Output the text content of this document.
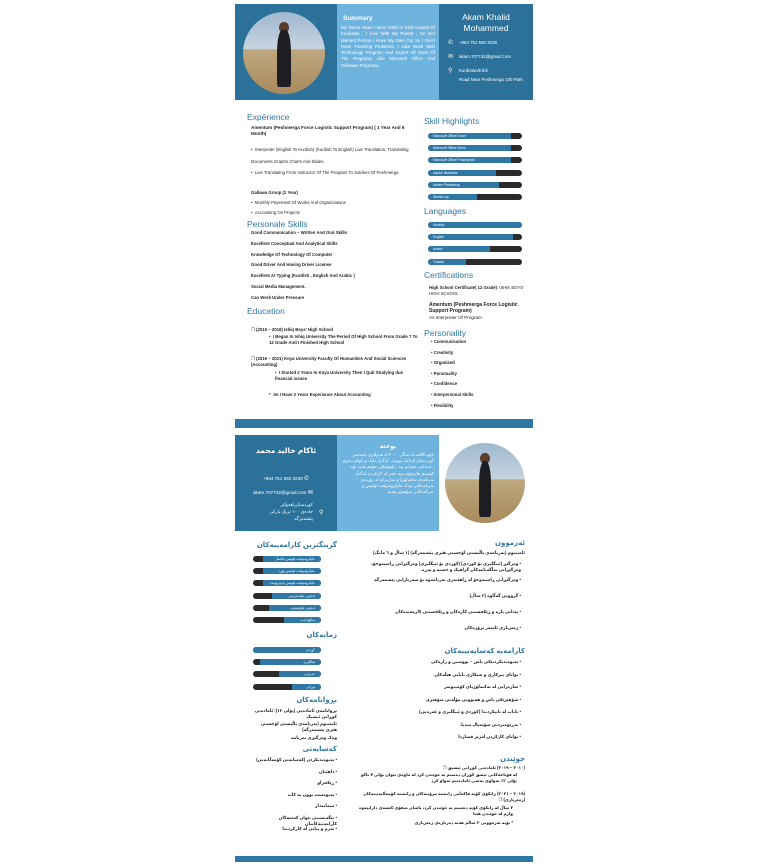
Summary
My Name Akam I Born 2000 In Erbil Capital Of Kurdistan , I Live With My Parent , I'm Not Married Person I Have My Own Car So I Don't Have Traveling Problems, I Like Work With Technology Program And Expert Of Most Of The Programs Like Microsoft Office And Software Programs.
Akam Khalid Mohammed
✆ +964 751 550 3239
✉ akam.707742@gmail.Com
⚲ Kurdistan/Erbil
Road Near Peshmerga 100 Park
Expérience
Amentum (Peshmerga Force Logistic Support Program) ( 1 Year And 6 Month)
•  Interpreter (English To Kurdish) (Kurdish To English) Live Translation, Translating Documents Graphs Charts And Slides.
•  Live Translating From Instructor Of The Program To Soldiers Of Peshmerga
Gallawa Group (2 Year)
•  Monthly Payement Of Works And Organizations
•  Accounting On Projects
Personale Skills
Good Communication – Written And Oral Skills
Excellent Conceptual And Analytical Skills
Knowledge Of Technology Of Computer
Good Driver And Having Driver License
Excellent At Typing (Kurdish , English And Arabic )
Social Media Management.
Can Work Under Pressure
Education
❐ (2010 – 2019) Ishiq Boys' High School
•  I Began In Ishiq University The Period Of High School From Grade 7 To 12 Grade And I Finished High School
❐ (2019 – 2021) Koya University Faculty Of Humanities And Social Sciences (Accounting)
•  I Started 2 Years In Koya University Then I Quit Studying due financial issues
*  So I Have 2 Years Experiance About Accounting
Skill Highlights
Microsoft Office Excel
Microsoft Office Word
Microsoft Office Powerpoint
Adobe Illustrator
Adobe Photoshop
Sketch Up
Languages
Kurdish
English
Arabic
Turkish
Certifications
High School Certificate( 12 Grade): ISHIK BOYS' HIGH SCHOOL
Amentum (Peshmerga Force Logistic Support Program)
As Interpreter Of Program
Personality
• Communication
• Creativity
• Organized
• Punctuality
• Confidence
• Interpersonal Skills
• Flexibility
ئاکام خالید محمد
+964 751 550 3239 ✆
akam.707742@gmail.com ✉
کوردستان/هەولێر
جادەی ١٠٠ نزیک پارکی پێشمەرگە
⚲
پوختە
ناوم ئاکامە لە ساڵی ٢٠٠٠ لە هەولێری پایتەختی کوردستان لەدایک بوومە ، لەگەڵ دایک و باوکم دەژیم ، ئەندامی خێزانم نیە ، ئۆتۆمبێلی خۆمم هەیە بۆیە کێشەی هاتوچۆم نییە، حەز لە کارکردنە لەگەڵ بەرنامەی تەکنەلۆژیا و شارەزام لە زۆربەی بەرنامەکانی وەک مایکرۆسۆفت ئۆفیس و بەرنامەکانی سۆفتوێر هەیە.
ئەزموون
ئامێنتوم (بەرنامەی پاڵپشتی لۆجستی هێزی پێشمەرگە) (١ ساڵ و ٦ مانگ)
• وەرگێڕ (ئینگلیزی بۆ کوردی) (کوردی بۆ ئینگلیزی) وەرگێڕانی ڕاستەوخۆ، وەرگێڕانی بەڵگەنامەکان گرافیک و خشتە و پەڕە.
• وەرگێڕانی ڕاستەوخۆ لە ڕاهێنەری بەرنامەوە بۆ سەربازانی پێشمەرگە
• گرووپی گەڵاوە (٢ ساڵ)
• پێدانی پارە و ڕێکخستنی کارەکان و ڕێکخستنی کارمەندەکان
• ژمێریاری ئاسەر پرۆژەکان
کارامەیە کەسایەتییەکان
• پەیوەندیکردنێکی باش – نووسین و زارەکی
• توانای بیرکاری و شیکاری نایابی هێڵەکان
• شارەزایی لە تەکنەلۆژیای کۆمپیوتەر
• شۆفێرێکی باش و هەبوونی مۆڵەتی شۆفێری
• نایاب لە تایپکردندا (کوردی و ئینگلیزی و عەرەبی)
• بەڕێوەبردنی سۆشیال میدیا.
• توانای کارکردن لەژێر فشاردا
خوێندن
(٢٠١٠ – ٢٠١٩) ئامادەیی کوڕانی ئیشیق ❐
لە قۆناغەکانی ئیشق کوڕان دەستم بە خوێندن کرد لە ماوەی نێوان پۆلی ٧ تاکو پۆلی ١٢ تەواوی بەشی ئامادەییم تەواو کرد
(٢٠١٩ – ٢٠٢١) زانکۆی کۆیە فاکەڵتی زانستە مرۆییەکان و زانستە کۆمەڵایەتییەکان (ژمێریاری) ❐
٢ ساڵ لە زانکۆی کۆیە دەستم بە خوێندن کرد، پاشان بەهۆی کێشەی داراییەوە وازم لە خوێندن هێنا
* بۆیە ئەزموونی ٢ ساڵم هەیە دەربارەی ژمێریاری
گرینگترین کارامەییەکان
مایکرۆسۆفت ئۆفیس ئێکسڵ
مایکرۆسۆفت ئۆفیس وۆرد
مایکرۆسۆفت ئۆفیس پاوەرپۆینت
ئەدۆبی ئیلەستریتەر
ئەدۆبی فۆتۆشۆپ
سکێچ ئەپ
زمانەکان
کوردی
ئینگلیزی
عەرەبی
تورکی
بڕوانامەکان
بڕوانامەی ئامادەیی (پۆلی ١٢): ئامادەیی کوڕانی ئیشیک
ئامێنتوم (بەرنامەی پاڵپشتی لۆجستی هێزی پێشمەرگە)
وەک وەرگێڕی بەرنامە
کەسایەتی
• پەیوەندیکردن (کەسایەتی کۆمەڵایەتی)
• داهێنان
• ڕێکخراو
• پەیوەست بوون بە کات
• متمانەدار
• تێگەیشتنی نێوان کەسەکان کارامەییەکانیان
• نەرم و نیانی لە کارکردندا
